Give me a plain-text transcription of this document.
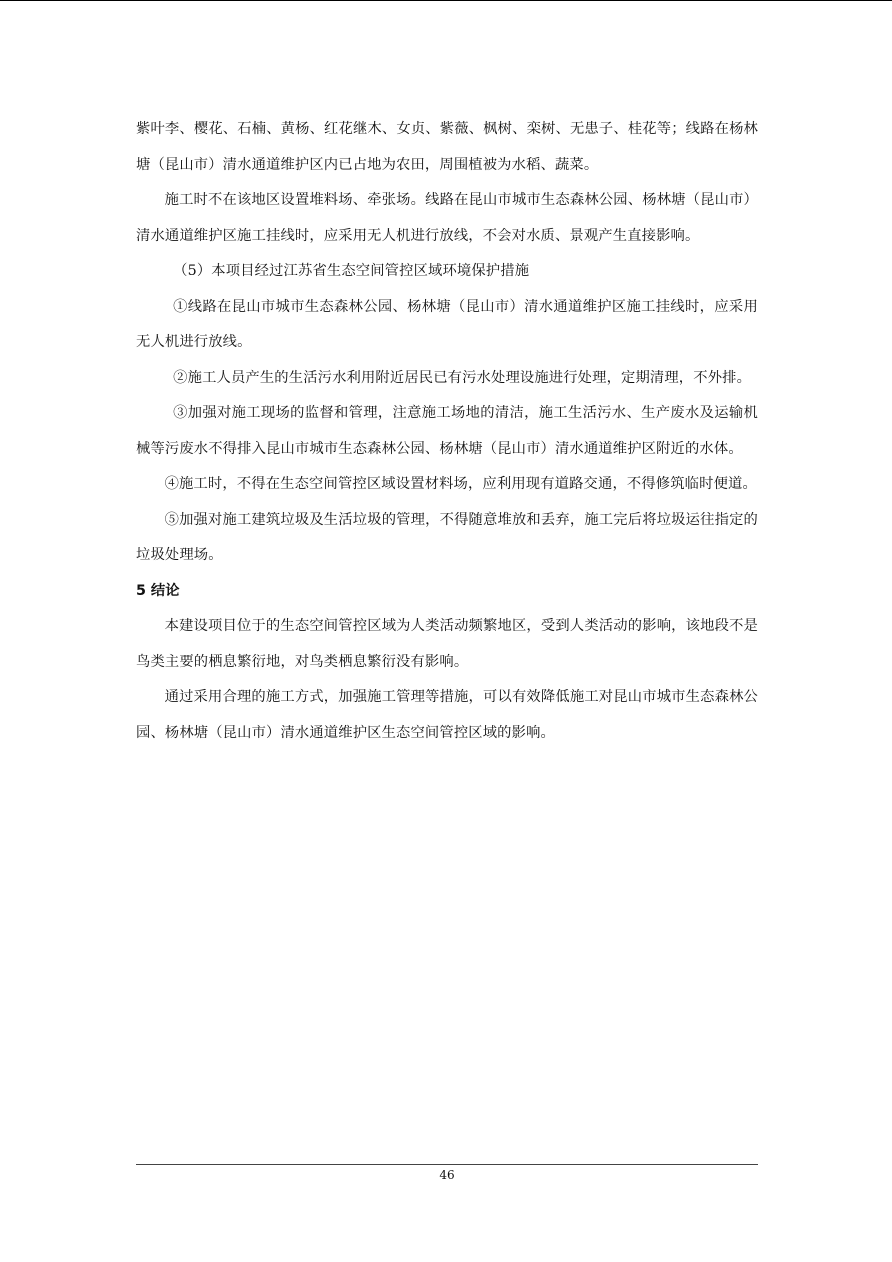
紫叶李、樱花、石楠、黄杨、红花继木、女贞、紫薇、枫树、栾树、无患子、桂花等；线路在杨林塘（昆山市）清水通道维护区内已占地为农田，周围植被为水稻、蔬菜。

施工时不在该地区设置堆料场、牵张场。线路在昆山市城市生态森林公园、杨林塘（昆山市）清水通道维护区施工挂线时，应采用无人机进行放线，不会对水质、景观产生直接影响。

（5）本项目经过江苏省生态空间管控区域环境保护措施

①线路在昆山市城市生态森林公园、杨林塘（昆山市）清水通道维护区施工挂线时，应采用无人机进行放线。

②施工人员产生的生活污水利用附近居民已有污水处理设施进行处理，定期清理，不外排。

③加强对施工现场的监督和管理，注意施工场地的清洁，施工生活污水、生产废水及运输机械等污废水不得排入昆山市城市生态森林公园、杨林塘（昆山市）清水通道维护区附近的水体。

④施工时，不得在生态空间管控区域设置材料场，应利用现有道路交通，不得修筑临时便道。

⑤加强对施工建筑垃圾及生活垃圾的管理，不得随意堆放和丢弃，施工完后将垃圾运往指定的垃圾处理场。

5 结论

本建设项目位于的生态空间管控区域为人类活动频繁地区，受到人类活动的影响，该地段不是鸟类主要的栖息繁衍地，对鸟类栖息繁衍没有影响。

通过采用合理的施工方式，加强施工管理等措施，可以有效降低施工对昆山市城市生态森林公园、杨林塘（昆山市）清水通道维护区生态空间管控区域的影响。

46
